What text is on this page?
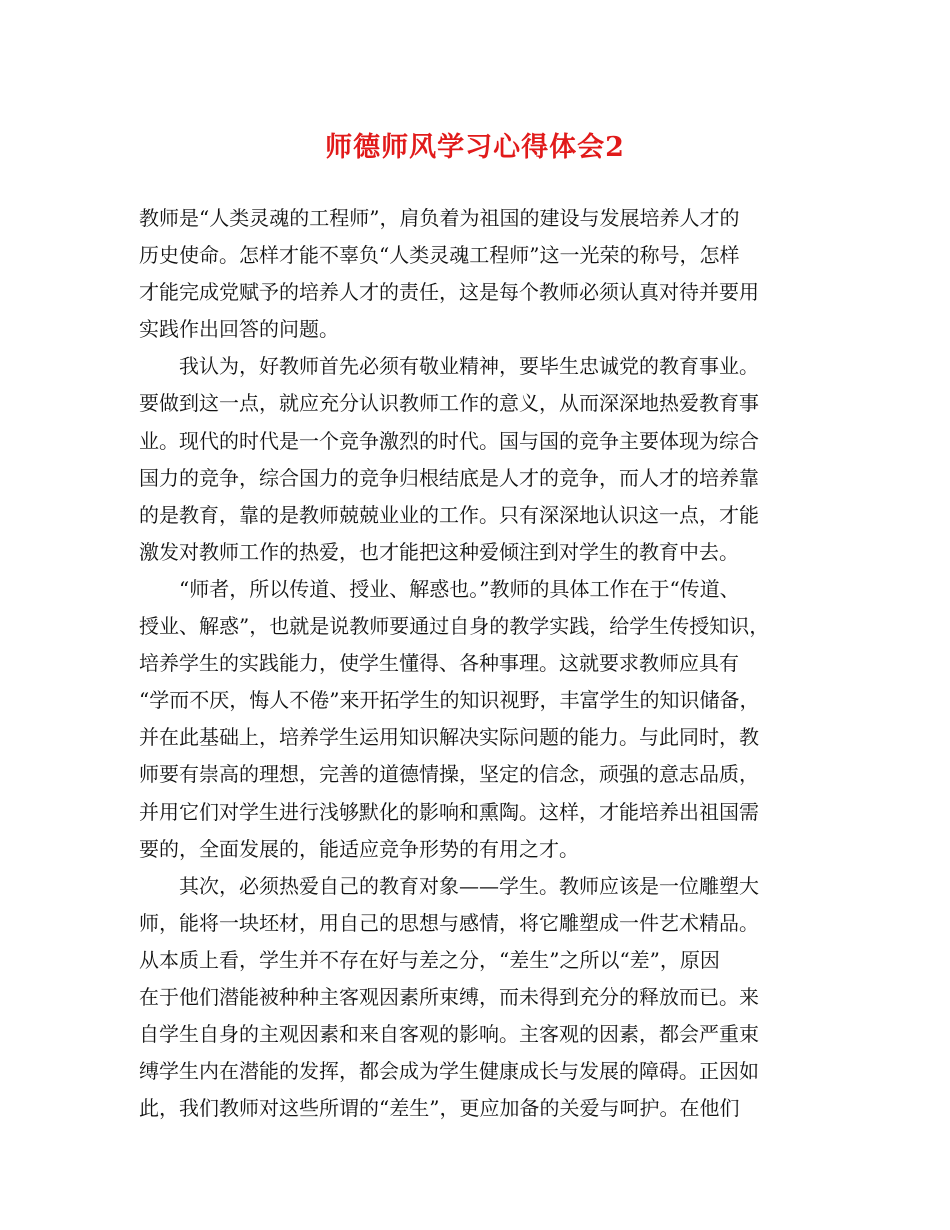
师德师风学习心得体会2
教师是“人类灵魂的工程师”，肩负着为祖国的建设与发展培养人才的
历史使命。怎样才能不辜负“人类灵魂工程师”这一光荣的称号，怎样
才能完成党赋予的培养人才的责任，这是每个教师必须认真对待并要用
实践作出回答的问题。
　　我认为，好教师首先必须有敬业精神，要毕生忠诚党的教育事业。
要做到这一点，就应充分认识教师工作的意义，从而深深地热爱教育事
业。现代的时代是一个竞争激烈的时代。国与国的竞争主要体现为综合
国力的竞争，综合国力的竞争归根结底是人才的竞争，而人才的培养靠
的是教育，靠的是教师兢兢业业的工作。只有深深地认识这一点，才能
激发对教师工作的热爱，也才能把这种爱倾注到对学生的教育中去。
　　“师者，所以传道、授业、解惑也。”教师的具体工作在于“传道、
授业、解惑”，也就是说教师要通过自身的教学实践，给学生传授知识，
培养学生的实践能力，使学生懂得、各种事理。这就要求教师应具有
“学而不厌，悔人不倦”来开拓学生的知识视野，丰富学生的知识储备，
并在此基础上，培养学生运用知识解决实际问题的能力。与此同时，教
师要有崇高的理想，完善的道德情操，坚定的信念，顽强的意志品质，
并用它们对学生进行浅够默化的影响和熏陶。这样，才能培养出祖国需
要的，全面发展的，能适应竞争形势的有用之才。
　　其次，必须热爱自己的教育对象——学生。教师应该是一位雕塑大
师，能将一块坯材，用自己的思想与感情，将它雕塑成一件艺术精品。
从本质上看，学生并不存在好与差之分，“差生”之所以“差”，原因
在于他们潜能被种种主客观因素所束缚，而未得到充分的释放而已。来
自学生自身的主观因素和来自客观的影响。主客观的因素，都会严重束
缚学生内在潜能的发挥，都会成为学生健康成长与发展的障碍。正因如
此，我们教师对这些所谓的“差生”，更应加备的关爱与呵护。在他们
